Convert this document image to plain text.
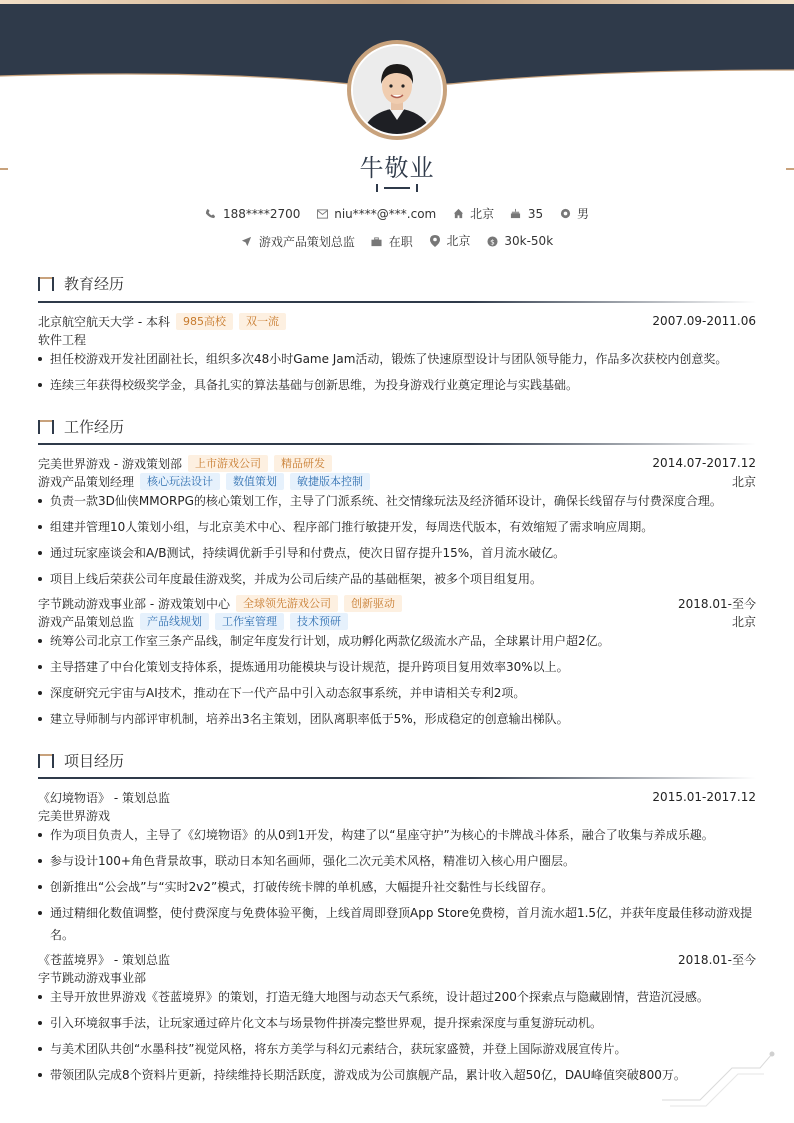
牛敬业
188****2700
	niu****@***.com
	北京
	35
	男
游戏产品策划总监
	在职
	北京
$ 30k-50k
教育经历
北京航空航天大学 - 本科	985高校	双一流	2007.09-2011.06
软件工程
担任校游戏开发社团副社长，组织多次48小时Game Jam活动，锻炼了快速原型设计与团队领导能力，作品多次获校内创意奖。
连续三年获得校级奖学金，具备扎实的算法基础与创新思维，为投身游戏行业奠定理论与实践基础。
工作经历
完美世界游戏 - 游戏策划部	上市游戏公司	精品研发	2014.07-2017.12
游戏产品策划经理	核心玩法设计	数值策划	敏捷版本控制	北京
负责一款3D仙侠MMORPG的核心策划工作，主导了门派系统、社交情缘玩法及经济循环设计，确保长线留存与付费深度合理。
组建并管理10人策划小组，与北京美术中心、程序部门推行敏捷开发，每周迭代版本，有效缩短了需求响应周期。
通过玩家座谈会和A/B测试，持续调优新手引导和付费点，使次日留存提升15%，首月流水破亿。
项目上线后荣获公司年度最佳游戏奖，并成为公司后续产品的基础框架，被多个项目组复用。
字节跳动游戏事业部 - 游戏策划中心	全球领先游戏公司	创新驱动	2018.01-至今
游戏产品策划总监	产品线规划	工作室管理	技术预研	北京
统筹公司北京工作室三条产品线，制定年度发行计划，成功孵化两款亿级流水产品，全球累计用户超2亿。
主导搭建了中台化策划支持体系，提炼通用功能模块与设计规范，提升跨项目复用效率30%以上。
深度研究元宇宙与AI技术，推动在下一代产品中引入动态叙事系统，并申请相关专利2项。
建立导师制与内部评审机制，培养出3名主策划，团队离职率低于5%，形成稳定的创意输出梯队。
项目经历
《幻境物语》 - 策划总监	2015.01-2017.12
完美世界游戏
作为项目负责人，主导了《幻境物语》的从0到1开发，构建了以“星座守护”为核心的卡牌战斗体系，融合了收集与养成乐趣。
参与设计100+角色背景故事，联动日本知名画师，强化二次元美术风格，精准切入核心用户圈层。
创新推出“公会战”与“实时2v2”模式，打破传统卡牌的单机感，大幅提升社交黏性与长线留存。
通过精细化数值调整，使付费深度与免费体验平衡，上线首周即登顶App Store免费榜，首月流水超1.5亿，并获年度最佳移动游戏提名。
《苍蓝境界》 - 策划总监	2018.01-至今
字节跳动游戏事业部
主导开放世界游戏《苍蓝境界》的策划，打造无缝大地图与动态天气系统，设计超过200个探索点与隐藏剧情，营造沉浸感。
引入环境叙事手法，让玩家通过碎片化文本与场景物件拼凑完整世界观，提升探索深度与重复游玩动机。
与美术团队共创“水墨科技”视觉风格，将东方美学与科幻元素结合，获玩家盛赞，并登上国际游戏展宣传片。
带领团队完成8个资料片更新，持续维持长期活跃度，游戏成为公司旗舰产品，累计收入超50亿，DAU峰值突破800万。
